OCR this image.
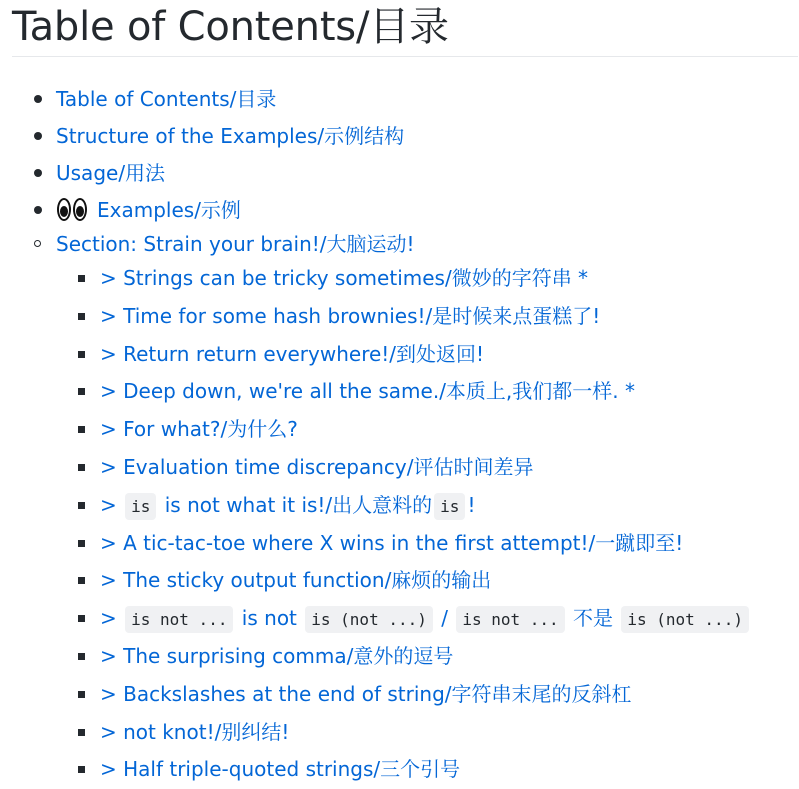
Table of Contents/目录
Table of Contents/目录
Structure of the Examples/示例结构
Usage/用法
Examples/示例
Section: Strain your brain!/大脑运动!
> Strings can be tricky sometimes/微妙的字符串 *
> Time for some hash brownies!/是时候来点蛋糕了!
> Return return everywhere!/到处返回!
> Deep down, we're all the same./本质上,我们都一样. *
> For what?/为什么?
> Evaluation time discrepancy/评估时间差异
> is is not what it is!/出人意料的 is !
> A tic-tac-toe where X wins in the first attempt!/一蹴即至!
> The sticky output function/麻烦的输出
> is not ... is not is (not ...) / is not ... 不是 is (not ...)
> The surprising comma/意外的逗号
> Backslashes at the end of string/字符串末尾的反斜杠
> not knot!/别纠结!
> Half triple-quoted strings/三个引号
